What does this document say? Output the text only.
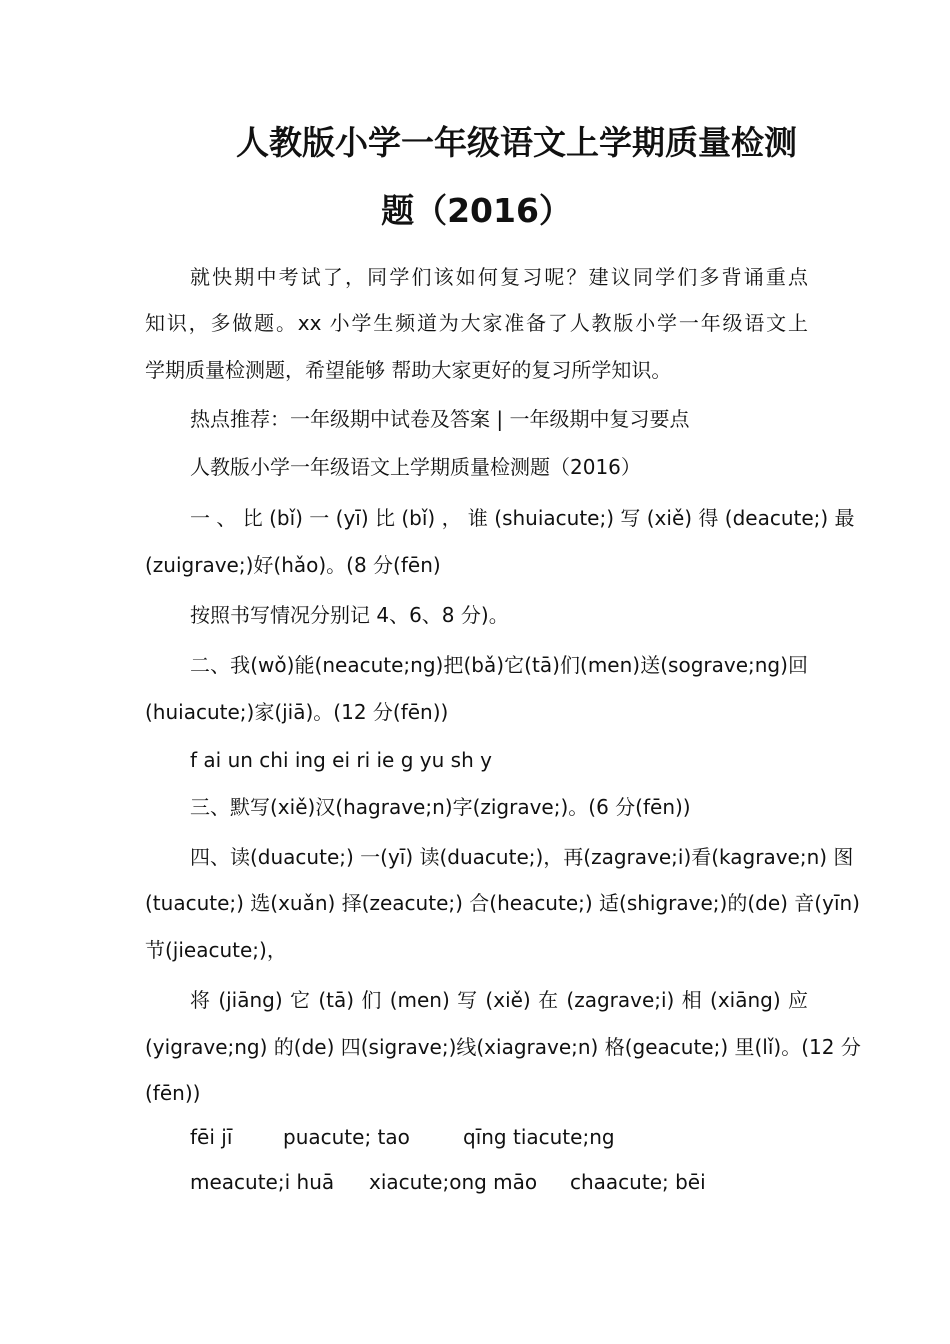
人教版小学一年级语文上学期质量检测
题（2016）
就快期中考试了，同学们该如何复习呢？建议同学们多背诵重点
知识，多做题。xx 小学生频道为大家准备了人教版小学一年级语文上
学期质量检测题，希望能够 帮助大家更好的复习所学知识。
热点推荐：一年级期中试卷及答案 | 一年级期中复习要点
人教版小学一年级语文上学期质量检测题（2016）
一 、 比 (bǐ) 一 (yī) 比 (bǐ) ， 谁 (shuiacute;) 写 (xiě) 得 (deacute;) 最
(zuigrave;)好(hǎo)。(8 分(fēn)
按照书写情况分别记 4、6、8 分)。
二、我(wǒ)能(neacute;ng)把(bǎ)它(tā)们(men)送(sograve;ng)回
(huiacute;)家(jiā)。(12 分(fēn))
f ai un chi ing ei ri ie g yu sh y
三、默写(xiě)汉(hagrave;n)字(zigrave;)。(6 分(fēn))
四、读(duacute;) 一(yī) 读(duacute;)，再(zagrave;i)看(kagrave;n) 图
(tuacute;) 选(xuǎn) 择(zeacute;) 合(heacute;) 适(shigrave;)的(de) 音(yīn)
节(jieacute;)，
将 (jiāng) 它 (tā) 们 (men) 写 (xiě) 在 (zagrave;i) 相 (xiāng) 应
(yigrave;ng) 的(de) 四(sigrave;)线(xiagrave;n) 格(geacute;) 里(lǐ)。(12 分
(fēn))
fēi jī	puacute; tao	qīng tiacute;ng
meacute;i huā xiacute;ong māo chaacute; bēi
